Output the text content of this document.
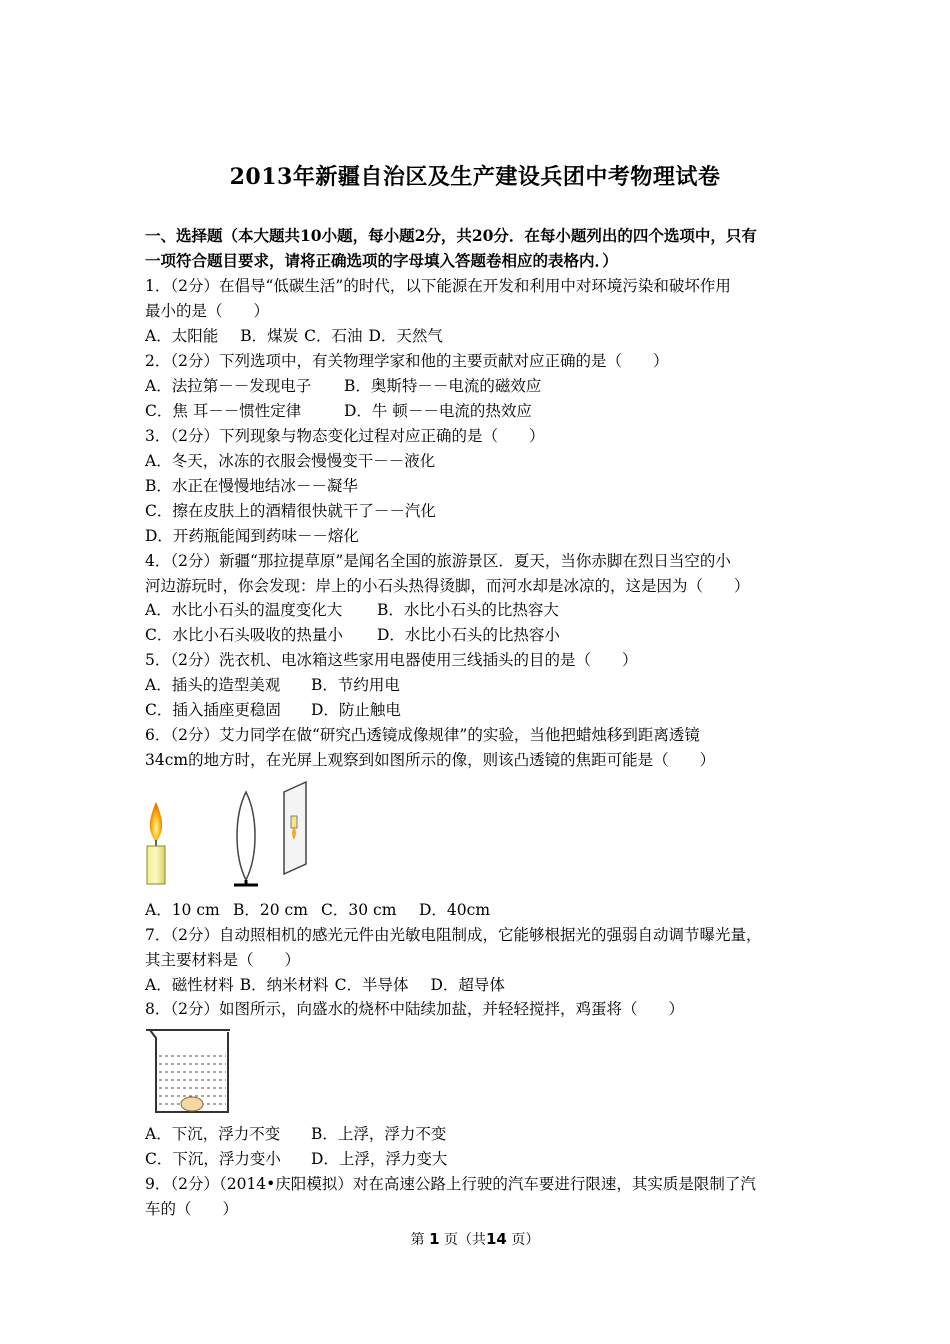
2013年新疆自治区及生产建设兵团中考物理试卷
一、选择题（本大题共10小题，每小题2分，共20分．在每小题列出的四个选项中，只有
一项符合题目要求，请将正确选项的字母填入答题卷相应的表格内．）
1．（2分）在倡导“低碳生活”的时代，以下能源在开发和利用中对环境污染和破坏作用
最小的是（　　）
A．太阳能 B．煤炭 C．石油 D．天然气
2．（2分）下列选项中，有关物理学家和他的主要贡献对应正确的是（　　）
A．法拉第－－发现电子 B．奥斯特－－电流的磁效应
C．焦 耳－－惯性定律	D．牛 顿－－电流的热效应
3．（2分）下列现象与物态变化过程对应正确的是（　　）
A．冬天，冰冻的衣服会慢慢变干－－液化
B．水正在慢慢地结冰－－凝华
C．擦在皮肤上的酒精很快就干了－－汽化
D．开药瓶能闻到药味－－熔化
4．（2分）新疆“那拉提草原”是闻名全国的旅游景区．夏天，当你赤脚在烈日当空的小
河边游玩时，你会发现：岸上的小石头热得烫脚，而河水却是冰凉的，这是因为（　　）
A．水比小石头的温度变化大 B．水比小石头的比热容大
C．水比小石头吸收的热量小 D．水比小石头的比热容小
5．（2分）洗衣机、电冰箱这些家用电器使用三线插头的目的是（　　）
A．插头的造型美观 B．节约用电
C．插入插座更稳固 D．防止触电
6．（2分）艾力同学在做“研究凸透镜成像规律”的实验，当他把蜡烛移到距离透镜
34cm的地方时，在光屏上观察到如图所示的像，则该凸透镜的焦距可能是（　　）
A．10 cm B．20 cm C．30 cm D．40cm
7．（2分）自动照相机的感光元件由光敏电阻制成，它能够根据光的强弱自动调节曝光量，
其主要材料是（　　）
A．磁性材料 B．纳米材料 C．半导体 D．超导体
8．（2分）如图所示，向盛水的烧杯中陆续加盐，并轻轻搅拌，鸡蛋将（　　）
A．下沉，浮力不变 B．上浮，浮力不变
C．下沉，浮力变小 D．上浮，浮力变大
9．（2分）（2014•庆阳模拟）对在高速公路上行驶的汽车要进行限速，其实质是限制了汽
车的（　　）
第 1 页（共14 页）
